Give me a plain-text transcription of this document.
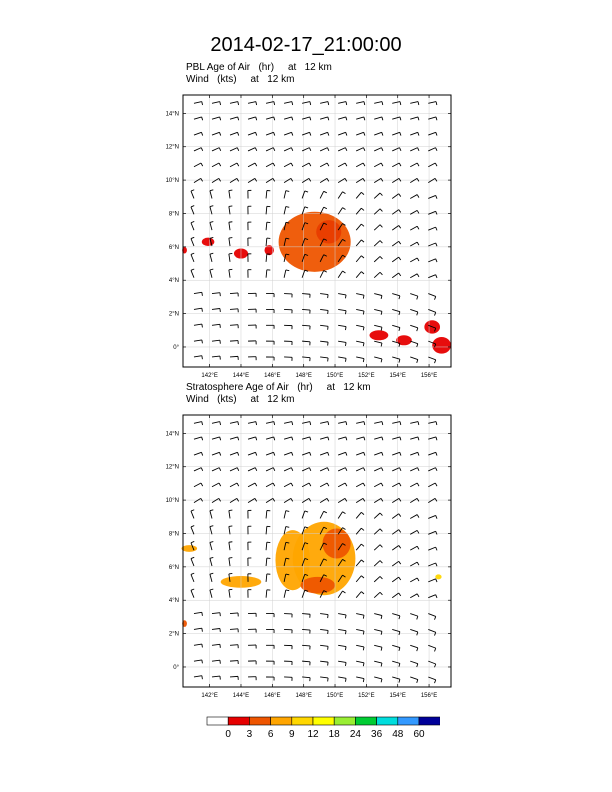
2014-02-17_21:00:00
PBL Age of Air (hr) at 12 km
Wind (kts) at 12 km
142°E 144°E 146°E 148°E 150°E 152°E 154°E 156°E
0°
2°N
4°N
6°N
8°N
10°N
12°N
14°N
Stratosphere Age of Air (hr) at 12 km
Wind (kts) at 12 km
142°E 144°E 146°E 148°E 150°E 152°E 154°E 156°E
0°
2°N
4°N
6°N
8°N
10°N
12°N
14°N
0 3 6 9 12 18 24 36 48 60
